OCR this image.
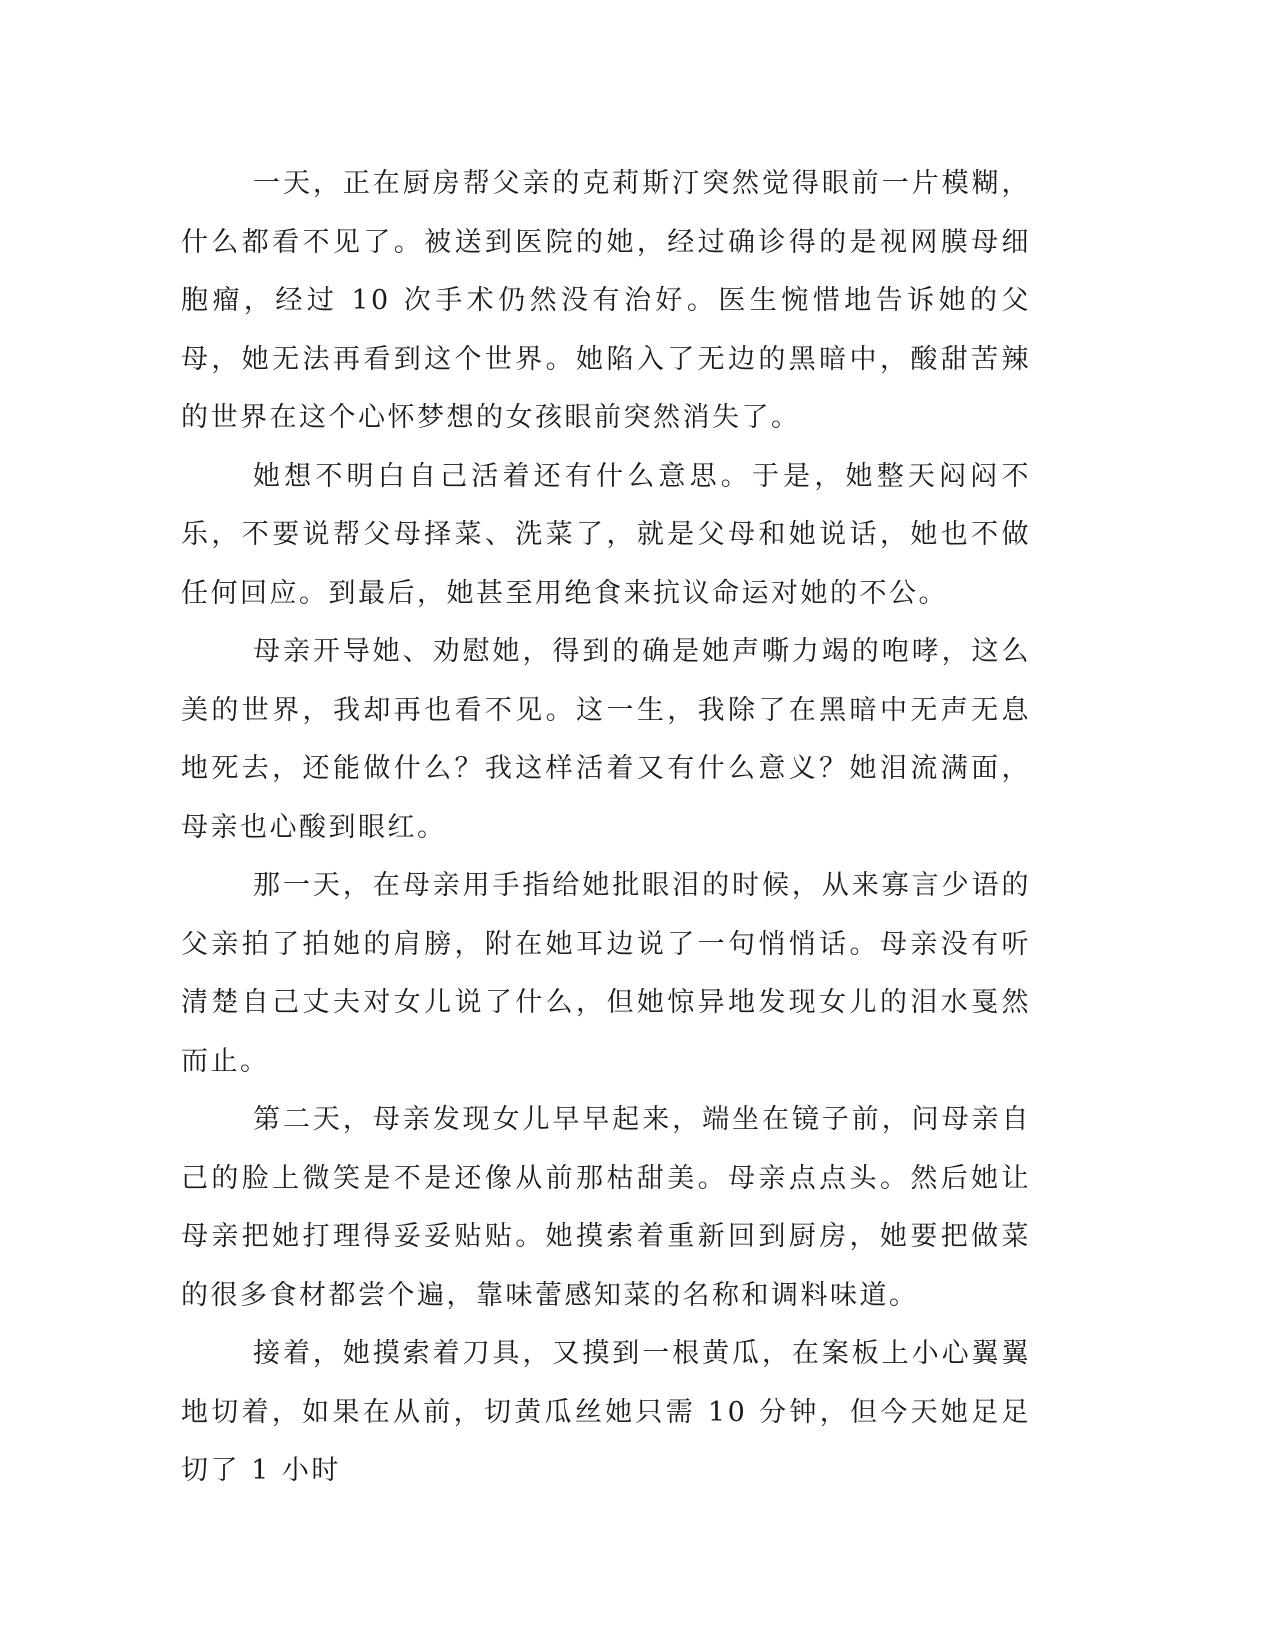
一天，正在厨房帮父亲的克莉斯汀突然觉得眼前一片模糊，什么都看不见了。被送到医院的她，经过确诊得的是视网膜母细胞瘤，经过 10 次手术仍然没有治好。医生惋惜地告诉她的父母，她无法再看到这个世界。她陷入了无边的黑暗中，酸甜苦辣的世界在这个心怀梦想的女孩眼前突然消失了。

她想不明白自己活着还有什么意思。于是，她整天闷闷不乐，不要说帮父母择菜、洗菜了，就是父母和她说话，她也不做任何回应。到最后，她甚至用绝食来抗议命运对她的不公。

母亲开导她、劝慰她，得到的确是她声嘶力竭的咆哮，这么美的世界，我却再也看不见。这一生，我除了在黑暗中无声无息地死去，还能做什么？我这样活着又有什么意义？她泪流满面，母亲也心酸到眼红。

那一天，在母亲用手指给她批眼泪的时候，从来寡言少语的父亲拍了拍她的肩膀，附在她耳边说了一句悄悄话。母亲没有听清楚自己丈夫对女儿说了什么，但她惊异地发现女儿的泪水戛然而止。

第二天，母亲发现女儿早早起来，端坐在镜子前，问母亲自己的脸上微笑是不是还像从前那枯甜美。母亲点点头。然后她让母亲把她打理得妥妥贴贴。她摸索着重新回到厨房，她要把做菜的很多食材都尝个遍，靠味蕾感知菜的名称和调料味道。

接着，她摸索着刀具，又摸到一根黄瓜，在案板上小心翼翼地切着，如果在从前，切黄瓜丝她只需 10 分钟，但今天她足足切了 1 小时
